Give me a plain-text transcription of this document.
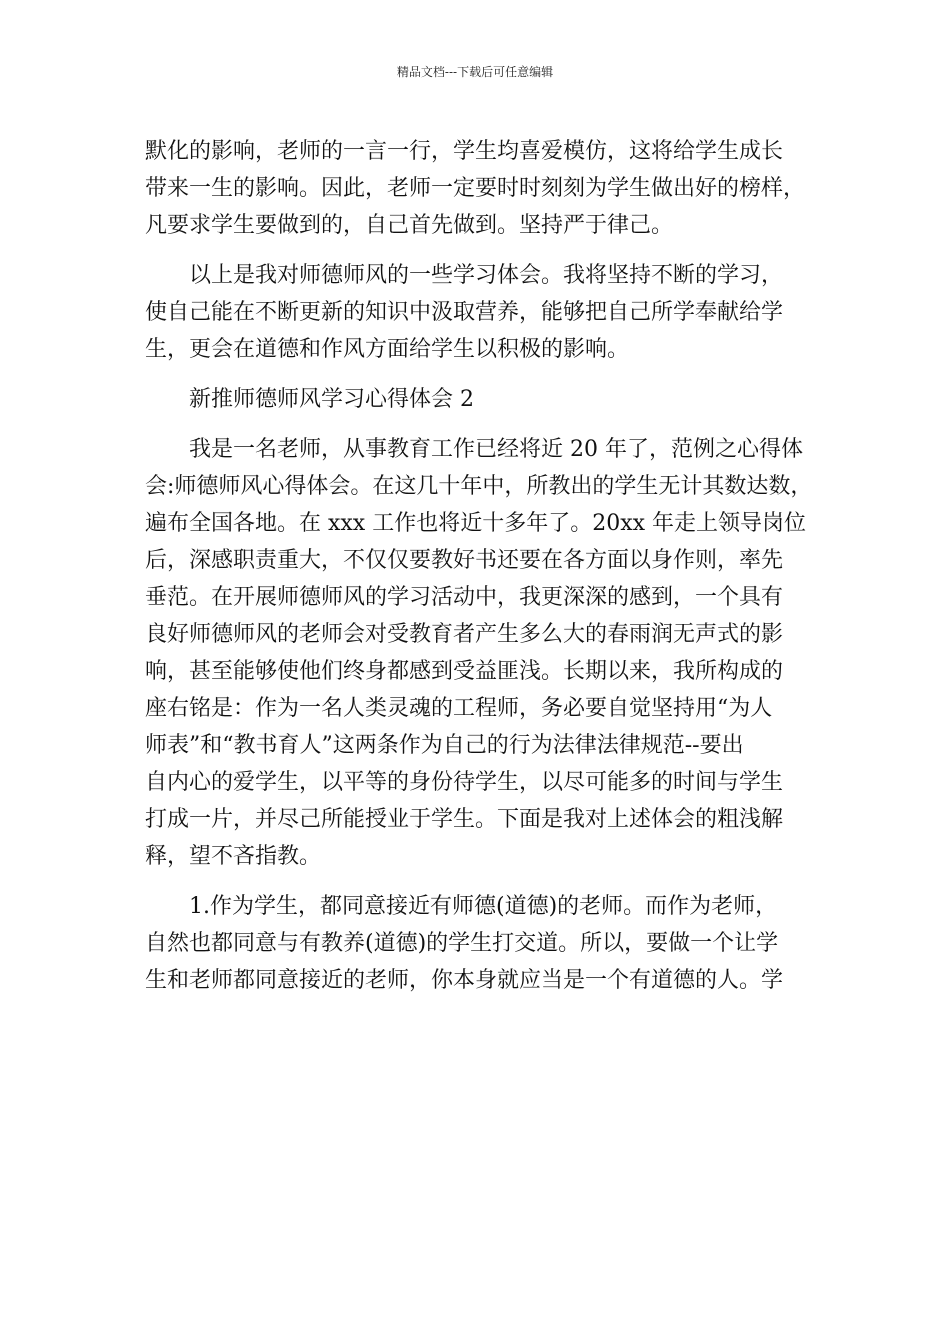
精品文档---下载后可任意编辑
默化的影响，老师的一言一行，学生均喜爱模仿，这将给学生成长
带来一生的影响。因此，老师一定要时时刻刻为学生做出好的榜样，
凡要求学生要做到的，自己首先做到。坚持严于律己。
以上是我对师德师风的一些学习体会。我将坚持不断的学习，
使自己能在不断更新的知识中汲取营养，能够把自己所学奉献给学
生，更会在道德和作风方面给学生以积极的影响。
新推师德师风学习心得体会 2
我是一名老师，从事教育工作已经将近 20 年了，范例之心得体
会:师德师风心得体会。在这几十年中，所教出的学生无计其数达数，
遍布全国各地。在 xxx 工作也将近十多年了。20xx 年走上领导岗位
后，深感职责重大，不仅仅要教好书还要在各方面以身作则，率先
垂范。在开展师德师风的学习活动中，我更深深的感到，一个具有
良好师德师风的老师会对受教育者产生多么大的春雨润无声式的影
响，甚至能够使他们终身都感到受益匪浅。长期以来，我所构成的
座右铭是：作为一名人类灵魂的工程师，务必要自觉坚持用“为人
师表”和“教书育人”这两条作为自己的行为法律法律规范--要出
自内心的爱学生，以平等的身份待学生，以尽可能多的时间与学生
打成一片，并尽己所能授业于学生。下面是我对上述体会的粗浅解
释，望不吝指教。
1.作为学生，都同意接近有师德(道德)的老师。而作为老师，
自然也都同意与有教养(道德)的学生打交道。所以，要做一个让学
生和老师都同意接近的老师，你本身就应当是一个有道德的人。学
